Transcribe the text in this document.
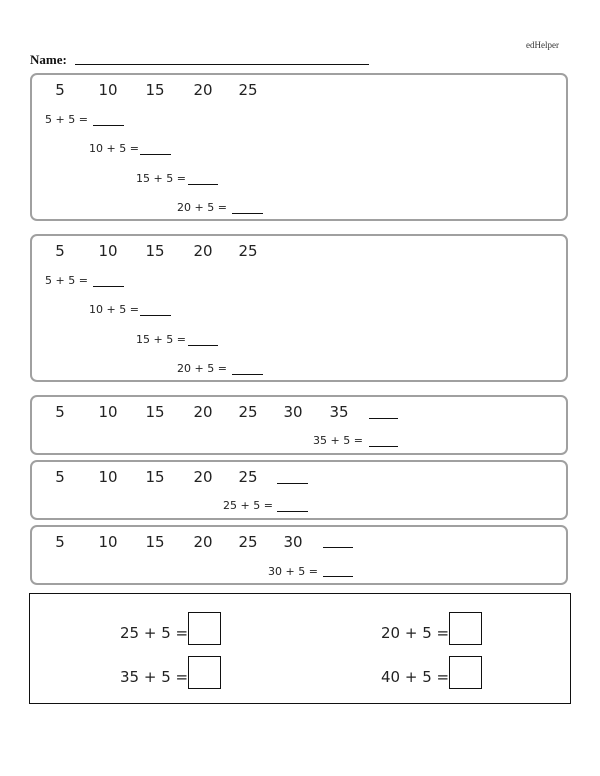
edHelper
Name:
5	10	15	20	25
5 + 5 =
10 + 5 =
15 + 5 =
20 + 5 =
5	10	15	20	25
5 + 5 =
10 + 5 =
15 + 5 =
20 + 5 =
5	10	15	20	25	30	35
35 + 5 =
5	10	15	20	25
25 + 5 =
5	10	15	20	25	30
30 + 5 =
25 + 5 =	20 + 5 =
35 + 5 =	40 + 5 =
